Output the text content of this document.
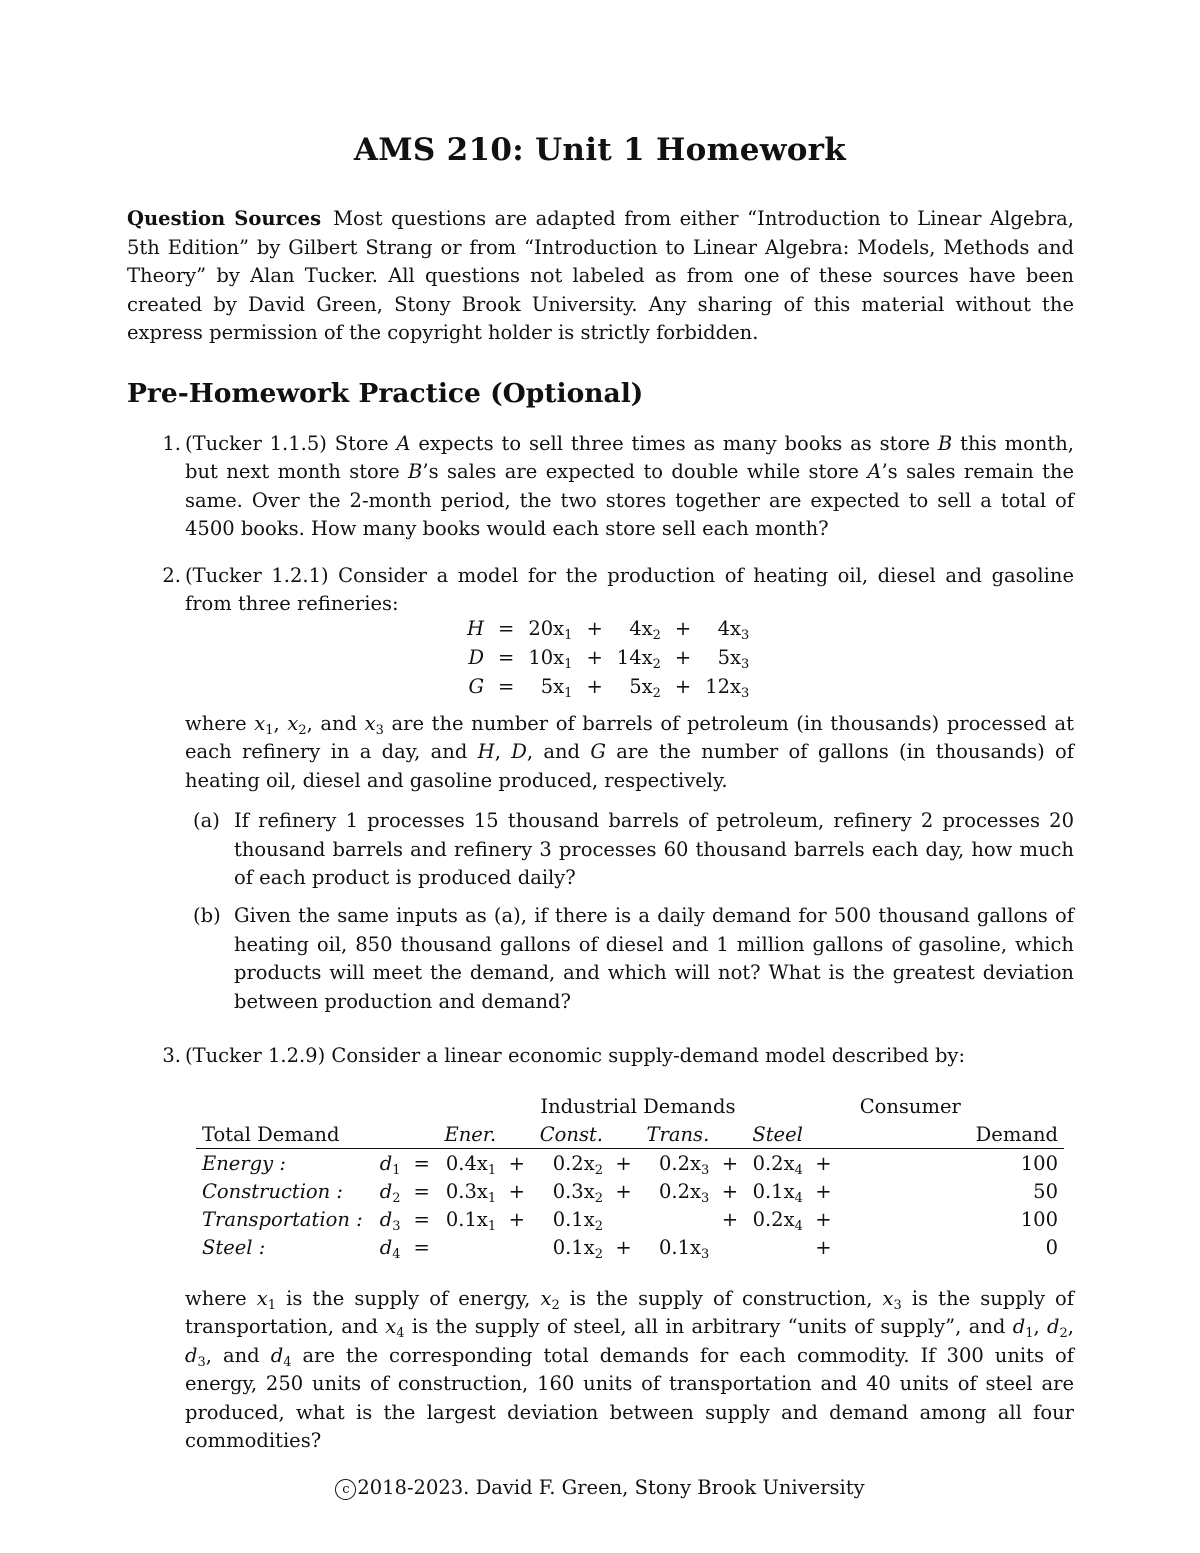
AMS 210: Unit 1 Homework
Question Sources Most questions are adapted from either “Introduction to Linear Algebra, 5th Edition” by Gilbert Strang or from “Introduction to Linear Algebra: Models, Methods and Theory” by Alan Tucker. All questions not labeled as from one of these sources have been created by David Green, Stony Brook University. Any sharing of this material without the express permission of the copyright holder is strictly forbidden.
Pre-Homework Practice (Optional)
1. (Tucker 1.1.5) Store A expects to sell three times as many books as store B this month, but next month store B’s sales are expected to double while store A’s sales remain the same. Over the 2-month period, the two stores together are expected to sell a total of 4500 books. How many books would each store sell each month?
2. (Tucker 1.2.1) Consider a model for the production of heating oil, diesel and gasoline from three refineries:
H	=	$20x_1$	+	$4x_2$	+	$4x_3$
D	=	$10x_1$	+	$14x_2$	+	$5x_3$
G	=	$5x_1$	+	$5x_2$	+	$12x_3$
where $x_1$, $x_2$, and $x_3$ are the number of barrels of petroleum (in thousands) processed at each refinery in a day, and H, D, and G are the number of gallons (in thousands) of heating oil, diesel and gasoline produced, respectively.
(a) If refinery 1 processes 15 thousand barrels of petroleum, refinery 2 processes 20 thousand barrels and refinery 3 processes 60 thousand barrels each day, how much of each product is produced daily?
(b) Given the same inputs as (a), if there is a daily demand for 500 thousand gallons of heating oil, 850 thousand gallons of diesel and 1 million gallons of gasoline, which products will meet the demand, and which will not? What is the greatest deviation between production and demand?
3. (Tucker 1.2.9) Consider a linear economic supply-demand model described by:
					Industrial Demands							Consumer	
Total Demand			Ener.		Const.		Trans.		Steel				Demand
Energy :	$d_1$	=	$0.4x_1$	+	$0.2x_2$	+	$0.2x_3$	+	$0.2x_4$	+			100
Construction :	$d_2$	=	$0.3x_1$	+	$0.3x_2$	+	$0.2x_3$	+	$0.1x_4$	+			50
Transportation :	$d_3$	=	$0.1x_1$	+	$0.1x_2$			+	$0.2x_4$	+			100
Steel :	$d_4$	=			$0.1x_2$	+	$0.1x_3$			+			0
where $x_1$ is the supply of energy, $x_2$ is the supply of construction, $x_3$ is the supply of transportation, and $x_4$ is the supply of steel, all in arbitrary “units of supply”, and $d_1$, $d_2$, $d_3$, and $d_4$ are the corresponding total demands for each commodity. If 300 units of energy, 250 units of construction, 160 units of transportation and 40 units of steel are produced, what is the largest deviation between supply and demand among all four commodities?
c 2018-2023. David F. Green, Stony Brook University
